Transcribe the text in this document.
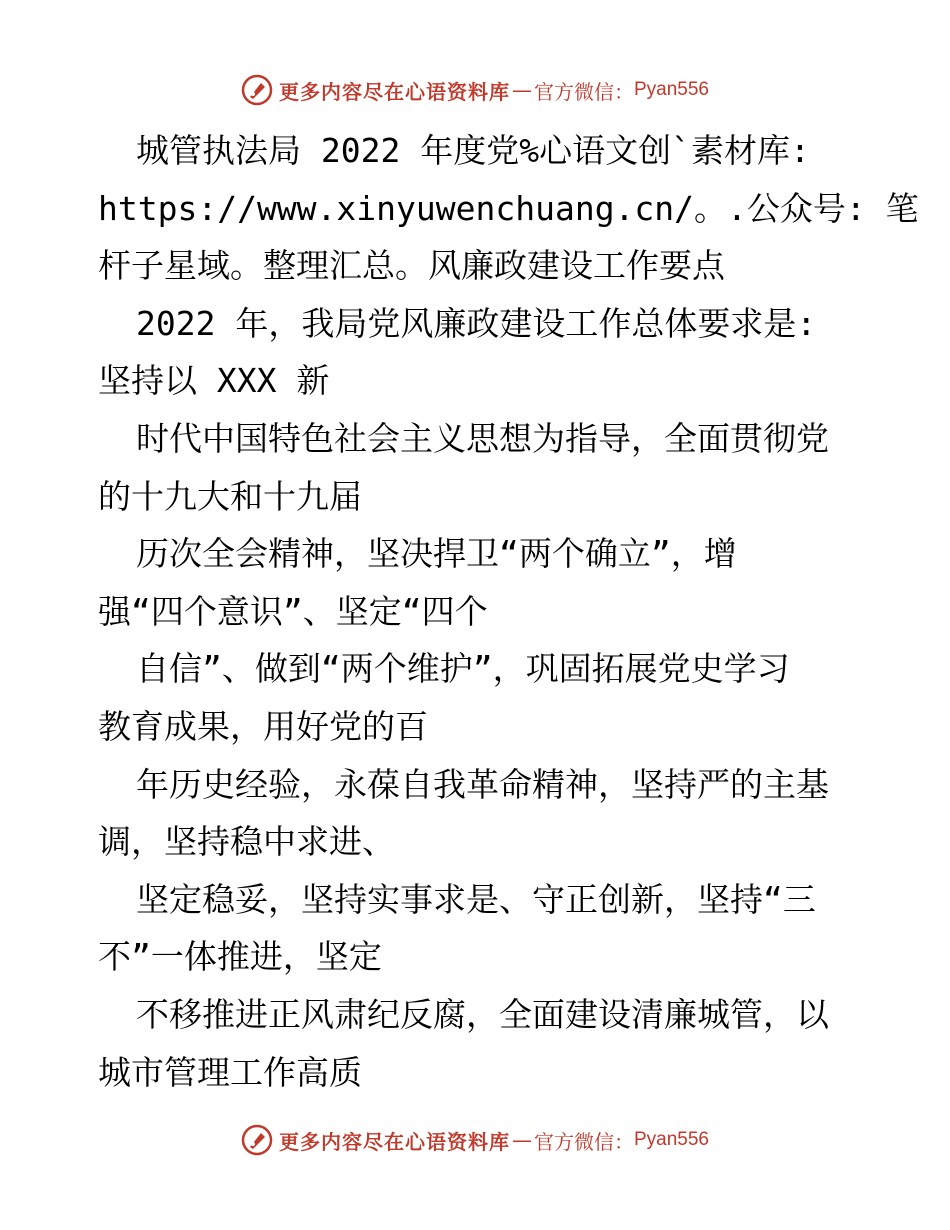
更多内容尽在心语资料库 — 官方微信： Pyan556
城管执法局 2022 年度党%心语文创`素材库:
https://www.xinyuwenchuang.cn/。.公众号: 笔
杆子星域。整理汇总。风廉政建设工作要点
2022 年，我局党风廉政建设工作总体要求是:
坚持以 XXX 新
时代中国特色社会主义思想为指导，全面贯彻党
的十九大和十九届
历次全会精神，坚决捍卫“两个确立”，增
强“四个意识”、坚定“四个
自信”、做到“两个维护”，巩固拓展党史学习
教育成果，用好党的百
年历史经验，永葆自我革命精神，坚持严的主基
调，坚持稳中求进、
坚定稳妥，坚持实事求是、守正创新，坚持“三
不”一体推进，坚定
不移推进正风肃纪反腐，全面建设清廉城管，以
城市管理工作高质
更多内容尽在心语资料库 — 官方微信： Pyan556
